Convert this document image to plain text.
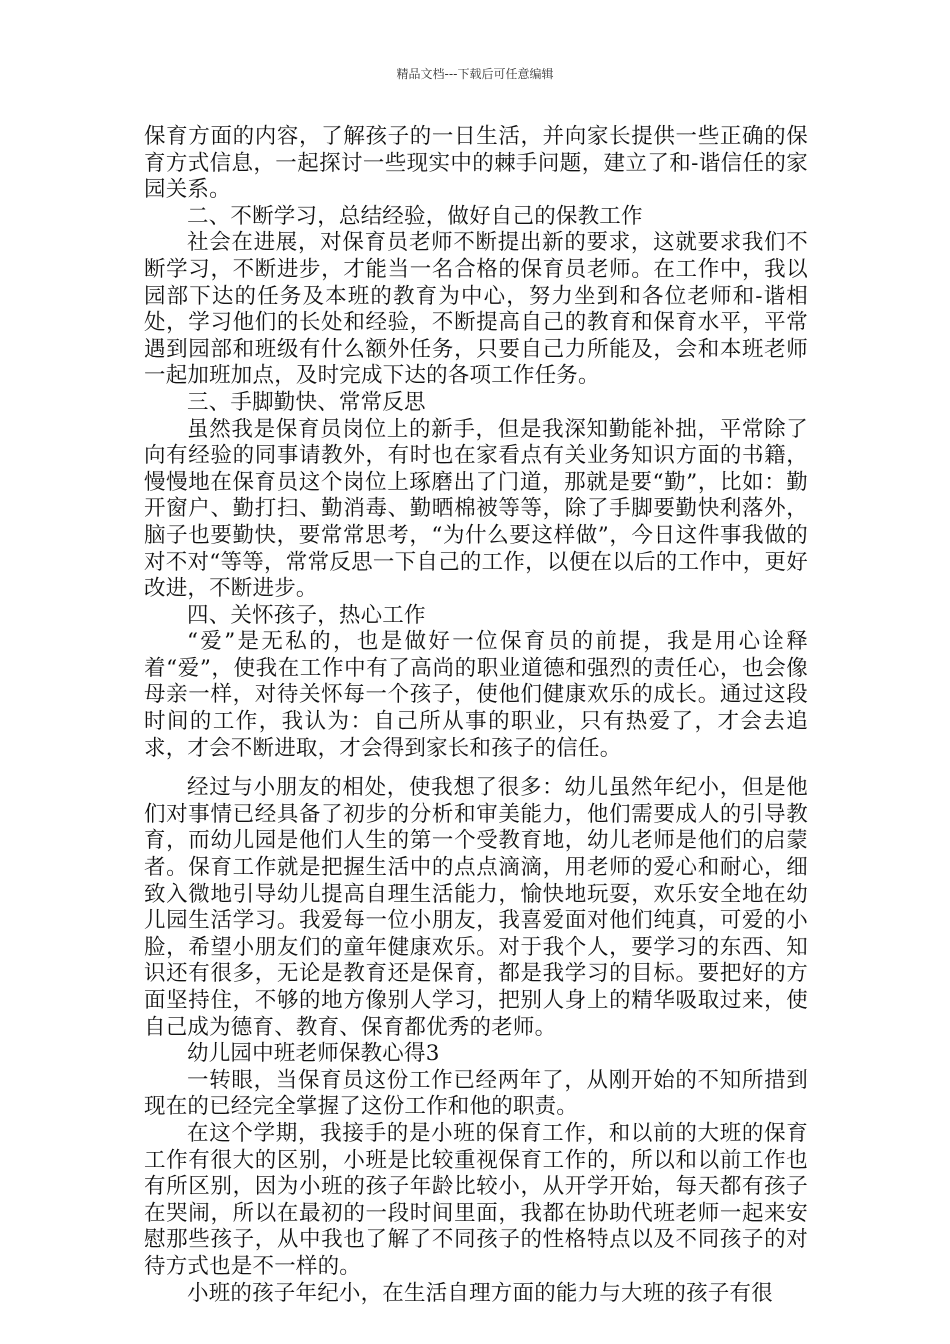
精品文档---下载后可任意编辑

保育方面的内容，了解孩子的一日生活，并向家长提供一些正确的保育方式信息，一起探讨一些现实中的棘手问题，建立了和-谐信任的家园关系。

二、不断学习，总结经验，做好自己的保教工作

社会在进展，对保育员老师不断提出新的要求，这就要求我们不断学习，不断进步，才能当一名合格的保育员老师。在工作中，我以园部下达的任务及本班的教育为中心，努力坐到和各位老师和-谐相处，学习他们的长处和经验，不断提高自己的教育和保育水平，平常遇到园部和班级有什么额外任务，只要自己力所能及，会和本班老师一起加班加点，及时完成下达的各项工作任务。

三、手脚勤快、常常反思

虽然我是保育员岗位上的新手，但是我深知勤能补拙，平常除了向有经验的同事请教外，有时也在家看点有关业务知识方面的书籍，慢慢地在保育员这个岗位上琢磨出了门道，那就是要“勤”，比如：勤开窗户、勤打扫、勤消毒、勤晒棉被等等，除了手脚要勤快利落外，脑子也要勤快，要常常思考，“为什么要这样做”，今日这件事我做的对不对“等等，常常反思一下自己的工作，以便在以后的工作中，更好改进，不断进步。

四、关怀孩子，热心工作

“爱”是无私的，也是做好一位保育员的前提，我是用心诠释着“爱”，使我在工作中有了高尚的职业道德和强烈的责任心，也会像母亲一样，对待关怀每一个孩子，使他们健康欢乐的成长。通过这段时间的工作，我认为：自己所从事的职业，只有热爱了，才会去追求，才会不断进取，才会得到家长和孩子的信任。

经过与小朋友的相处，使我想了很多：幼儿虽然年纪小，但是他们对事情已经具备了初步的分析和审美能力，他们需要成人的引导教育，而幼儿园是他们人生的第一个受教育地，幼儿老师是他们的启蒙者。保育工作就是把握生活中的点点滴滴，用老师的爱心和耐心，细致入微地引导幼儿提高自理生活能力，愉快地玩耍，欢乐安全地在幼儿园生活学习。我爱每一位小朋友，我喜爱面对他们纯真，可爱的小脸，希望小朋友们的童年健康欢乐。对于我个人，要学习的东西、知识还有很多，无论是教育还是保育，都是我学习的目标。要把好的方面坚持住，不够的地方像别人学习，把别人身上的精华吸取过来，使自己成为德育、教育、保育都优秀的老师。

幼儿园中班老师保教心得3

一转眼，当保育员这份工作已经两年了，从刚开始的不知所措到现在的已经完全掌握了这份工作和他的职责。

在这个学期，我接手的是小班的保育工作，和以前的大班的保育工作有很大的区别，小班是比较重视保育工作的，所以和以前工作也有所区别，因为小班的孩子年龄比较小，从开学开始，每天都有孩子在哭闹，所以在最初的一段时间里面，我都在协助代班老师一起来安慰那些孩子，从中我也了解了不同孩子的性格特点以及不同孩子的对待方式也是不一样的。

小班的孩子年纪小，在生活自理方面的能力与大班的孩子有很
